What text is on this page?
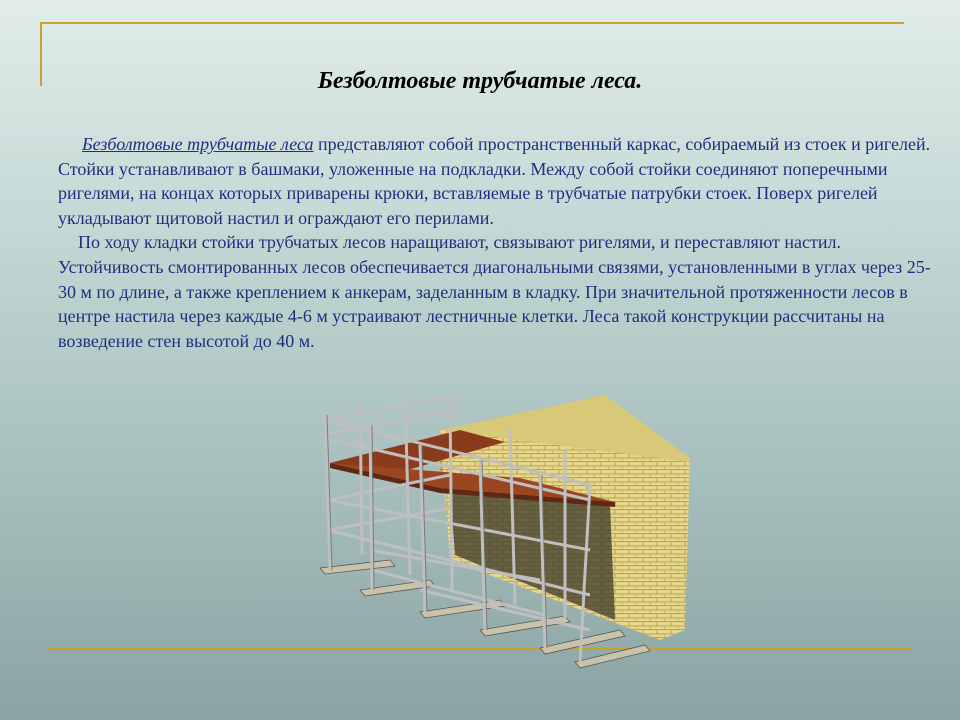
Безболтовые трубчатые леса.

Безболтовые трубчатые леса представляют собой пространственный каркас, собираемый из стоек и ригелей. Стойки устанавливают в башмаки, уложенные на подкладки. Между собой стойки соединяют поперечными ригелями, на концах которых приварены крюки, вставляемые в трубчатые патрубки стоек. Поверх ригелей укладывают щитовой настил и ограждают его перилами.

По ходу кладки стойки трубчатых лесов наращивают, связывают ригелями, и переставляют настил. Устойчивость смонтированных лесов обеспечивается диагональными связями, установленными в углах через 25-30 м по длине, а также креплением к анкерам, заделанным в кладку. При значительной протяженности лесов в центре настила через каждые 4-6 м устраивают лестничные клетки. Леса такой конструкции рассчитаны на возведение стен высотой до 40 м.
